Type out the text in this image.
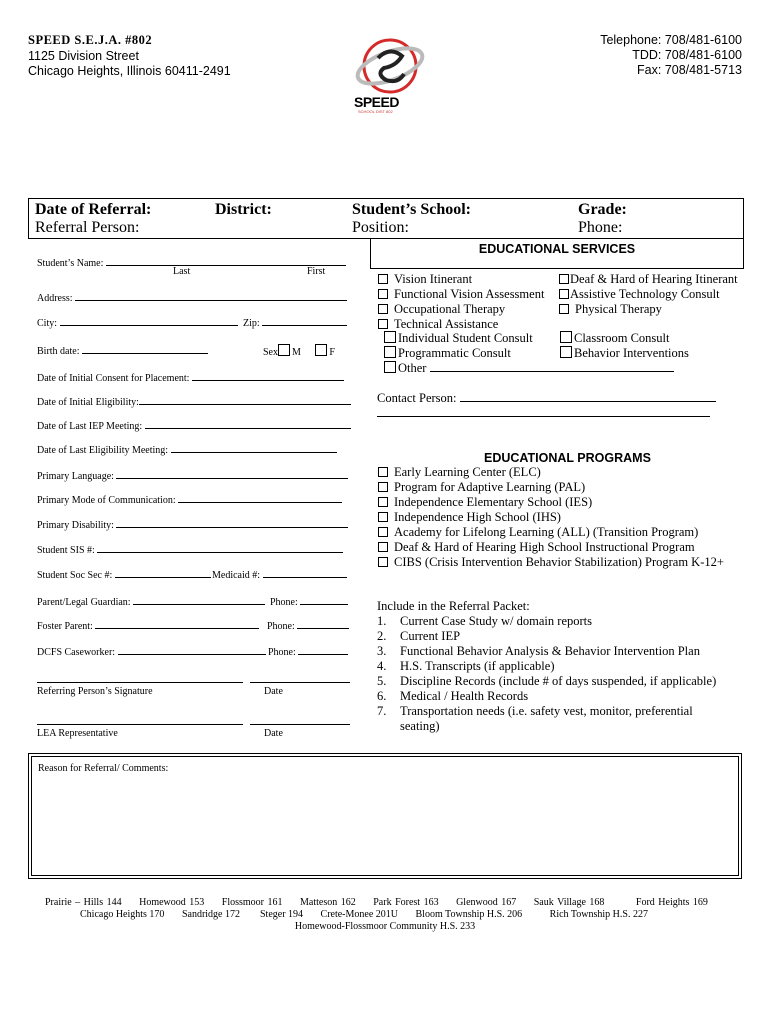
SPEED S.E.J.A. #802
1125 Division Street
Chicago Heights, Illinois 60411-2491
Telephone: 708/481-6100
TDD: 708/481-6100
Fax: 708/481-5713
SPEED
SCHOOL DIST 802
Date of Referral:	District:	Student’s School:	Grade:
Referral Person:	Position:	Phone:
EDUCATIONAL SERVICES
Student’s Name:
Last	First
Address:
City:	Zip:
Birth date:	Sex M	F
Date of Initial Consent for Placement:
Date of Initial Eligibility:
Date of Last IEP Meeting:
Date of Last Eligibility Meeting:
Primary Language:
Primary Mode of Communication:
Primary Disability:
Student SIS #:
Student Soc Sec #:	Medicaid #:
Parent/Legal Guardian:	Phone:
Foster Parent:	Phone:
DCFS Caseworker:	Phone:
Referring Person’s Signature	Date
LEA Representative	Date
Vision Itinerant
Functional Vision Assessment
Occupational Therapy
Technical Assistance
Deaf & Hard of Hearing Itinerant
Assistive Technology Consult
Physical Therapy
Individual Student Consult
Programmatic Consult
Classroom Consult
Behavior Interventions
Other
Contact Person:
EDUCATIONAL PROGRAMS
Early Learning Center (ELC)
Program for Adaptive Learning (PAL)
Independence Elementary School (IES)
Independence High School (IHS)
Academy for Lifelong Learning (ALL) (Transition Program)
Deaf & Hard of Hearing High School Instructional Program
CIBS (Crisis Intervention Behavior Stabilization) Program K-12+
Include in the Referral Packet:
1. Current Case Study w/ domain reports
2. Current IEP
3. Functional Behavior Analysis & Behavior Intervention Plan
4. H.S. Transcripts (if applicable)
5. Discipline Records (include # of days suspended, if applicable)
6. Medical / Health Records
7. Transportation needs (i.e. safety vest, monitor, preferential
seating)
Reason for Referral/ Comments:
Prairie – Hills 144 Homewood 153 Flossmoor 161 Matteson 162 Park Forest 163 Glenwood 167 Sauk Village 168	Ford Heights 169
Chicago Heights 170 Sandridge 172 Steger 194 Crete-Monee 201U Bloom Township H.S. 206	Rich Township H.S. 227
Homewood-Flossmoor Community H.S. 233
